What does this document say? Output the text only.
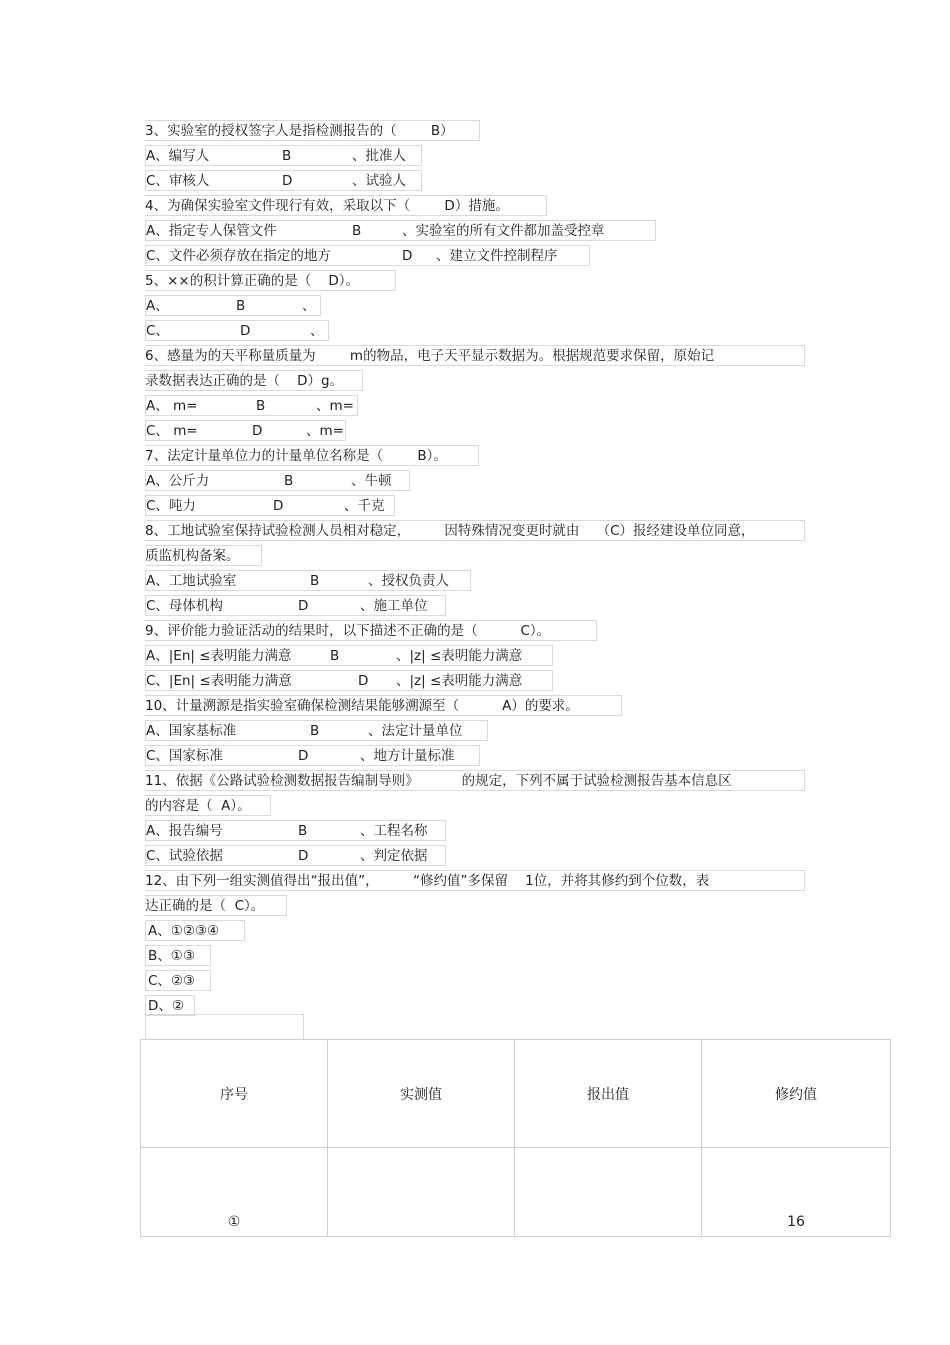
3、实验室的授权签字人是指检测报告的（        B）

A、编写人

	B

	、批准人

C、审核人

	D

	、试验人

4、为确保实验室文件现行有效，采取以下（        D）措施。

A、指定专人保管文件

	B

	、实验室的所有文件都加盖受控章

C、文件必须存放在指定的地方

	D

、建立文件控制程序

5、××的积计算正确的是（    D）。

A、

	B

	、

C、

	D

	、

6、感量为的天平称量质量为        m的物品，电子天平显示数据为。根据规范要求保留，原始记
录数据表达正确的是（    D）g。

A、 m=

	B

	、m=

C、 m=

	D

	、m=

7、法定计量单位力的计量单位名称是（        B）。

A、公斤力

	B

	、牛顿

C、吨力

	D

	、千克

8、工地试验室保持试验检测人员相对稳定，        因特殊情况变更时就由    （C）报经建设单位同意，
质监机构备案。

A、工地试验室

	B

	、授权负责人

C、母体机构

	D

	、施工单位

9、评价能力验证活动的结果时，以下描述不正确的是（          C）。

A、|En| ≤表明能力满意

	B

	、|z| ≤表明能力满意

C、|En| ≤表明能力满意

	D

、|z| ≤表明能力满意

10、计量溯源是指实验室确保检测结果能够溯源至（          A）的要求。

A、国家基标准

	B

	、法定计量单位

C、国家标准

	D

	、地方计量标准

11、依据《公路试验检测数据报告编制导则》          的规定，下列不属于试验检测报告基本信息区
的内容是（  A）。

A、报告编号

	B

	、工程名称

C、试验依据

	D

	、判定依据

12、由下列一组实测值得出“报出值”，        “修约值”多保留    1位，并将其修约到个位数，表
达正确的是（  C）。
A、①②③④
B、①③
C、②③
D、②
序号	实测值	报出值	修约值
①			16
